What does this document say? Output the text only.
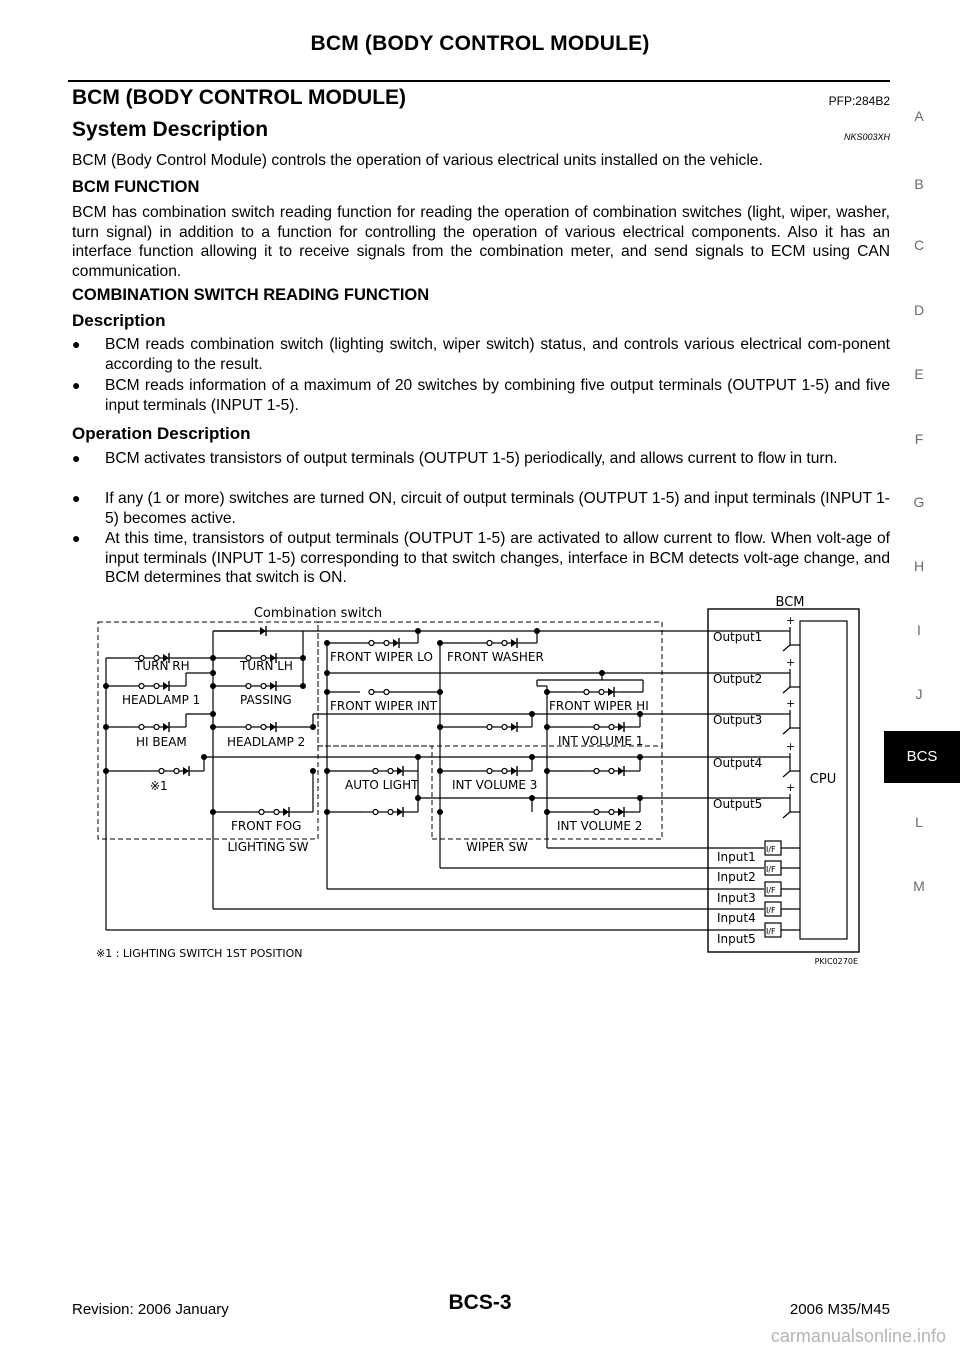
BCM (BODY CONTROL MODULE)
BCM (BODY CONTROL MODULE)	PFP:284B2
System Description	NKS003XH

BCM (Body Control Module) controls the operation of various electrical units installed on the vehicle.

BCM FUNCTION

BCM has combination switch reading function for reading the operation of combination switches (light, wiper, washer, turn signal) in addition to a function for controlling the operation of various electrical components. Also it has an interface function allowing it to receive signals from the combination meter, and send signals to ECM using CAN communication.

COMBINATION SWITCH READING FUNCTION
Description
● BCM reads combination switch (lighting switch, wiper switch) status, and controls various electrical com-ponent according to the result.

● BCM reads information of a maximum of 20 switches by combining five output terminals (OUTPUT 1-5) and five input terminals (INPUT 1-5).

Operation Description
● BCM activates transistors of output terminals (OUTPUT 1-5) periodically, and allows current to flow in turn.

● If any (1 or more) switches are turned ON, circuit of output terminals (OUTPUT 1-5) and input terminals (INPUT 1-5) becomes active.

● At this time, transistors of output terminals (OUTPUT 1-5) are activated to allow current to flow. When volt-age of input terminals (INPUT 1-5) corresponding to that switch changes, interface in BCM detects volt-age change, and BCM determines that switch is ON.

Combination switch
BCM
CPU
Output1
Output2
Output3
Output4
Output5
+
+
+
+
+
Input1
Input2
Input3
Input4
Input5
I/F
I/F
I/F
I/F
I/F
TURN RH	TURN LH
HEADLAMP 1	PASSING
HI BEAM	HEADLAMP 2
※1
FRONT FOG
FRONT WIPER LO FRONT WASHER
FRONT WIPER INT	FRONT WIPER HI
INT VOLUME 1
AUTO LIGHT	INT VOLUME 3
INT VOLUME 2
LIGHTING SW	WIPER SW
※1 : LIGHTING SWITCH 1ST POSITION
PKIC0270E
A
B
C
D
E
F
G
H
I
J
BCS
L
M
Revision: 2006 January	BCS-3	2006 M35/M45
carmanualsonline.info
